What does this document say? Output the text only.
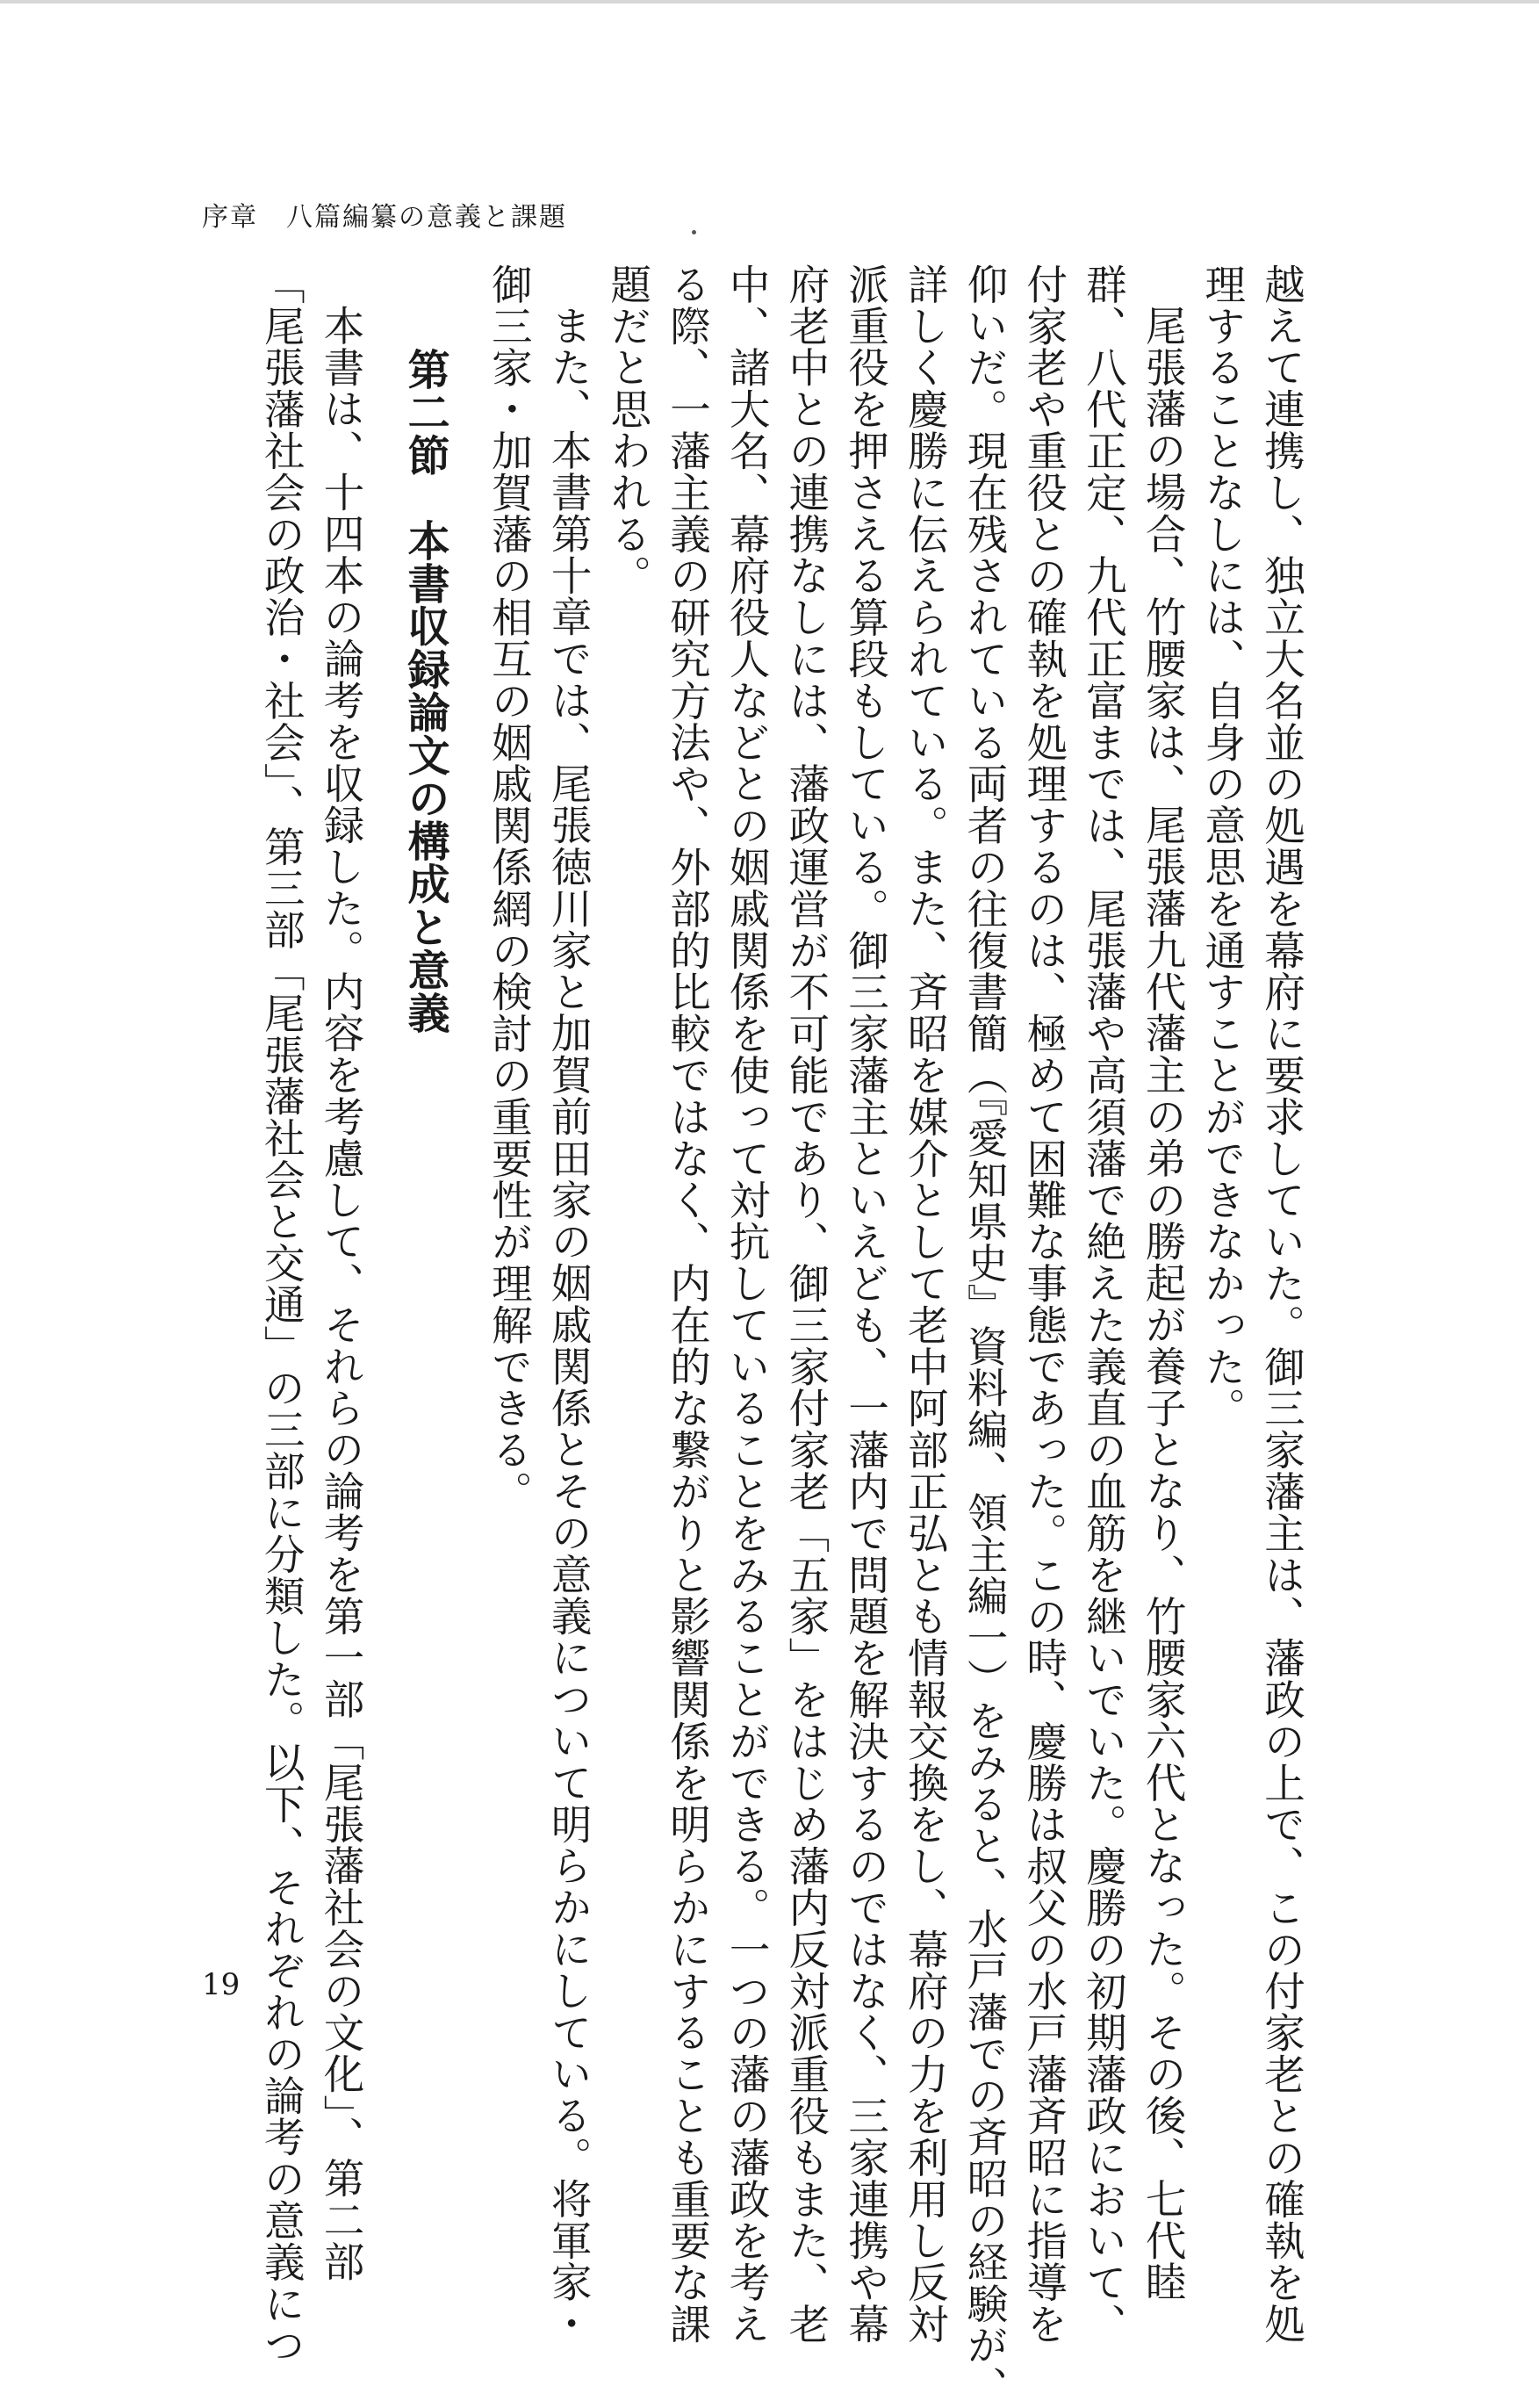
序章　八篇編纂の意義と課題

越えて連携し、独立大名並の処遇を幕府に要求していた。御三家藩主は、藩政の上で、この付家老との確執を処

理することなしには、自身の意思を通すことができなかった。

尾張藩の場合、竹腰家は、尾張藩九代藩主の弟の勝起が養子となり、竹腰家六代となった。その後、七代睦

群、八代正定、九代正富までは、尾張藩や高須藩で絶えた義直の血筋を継いでいた。慶勝の初期藩政において、

付家老や重役との確執を処理するのは、極めて困難な事態であった。この時、慶勝は叔父の水戸藩斉昭に指導を

仰いだ。現在残されている両者の往復書簡（『愛知県史』資料編、領主編一）をみると、水戸藩での斉昭の経験が、

詳しく慶勝に伝えられている。また、斉昭を媒介として老中阿部正弘とも情報交換をし、幕府の力を利用し反対

派重役を押さえる算段もしている。御三家藩主といえども、一藩内で問題を解決するのではなく、三家連携や幕

府老中との連携なしには、藩政運営が不可能であり、御三家付家老「五家」をはじめ藩内反対派重役もまた、老

中、諸大名、幕府役人などとの姻戚関係を使って対抗していることをみることができる。一つの藩の藩政を考え

る際、一藩主義の研究方法や、外部的比較ではなく、内在的な繋がりと影響関係を明らかにすることも重要な課

題だと思われる。

また、本書第十章では、尾張徳川家と加賀前田家の姻戚関係とその意義について明らかにしている。将軍家・

御三家・加賀藩の相互の姻戚関係網の検討の重要性が理解できる。

第二節本書収録論文の構成と意義

本書は、十四本の論考を収録した。内容を考慮して、それらの論考を第一部「尾張藩社会の文化」、第二部

「尾張藩社会の政治・社会」、第三部「尾張藩社会と交通」の三部に分類した。以下、それぞれの論考の意義につ

19
